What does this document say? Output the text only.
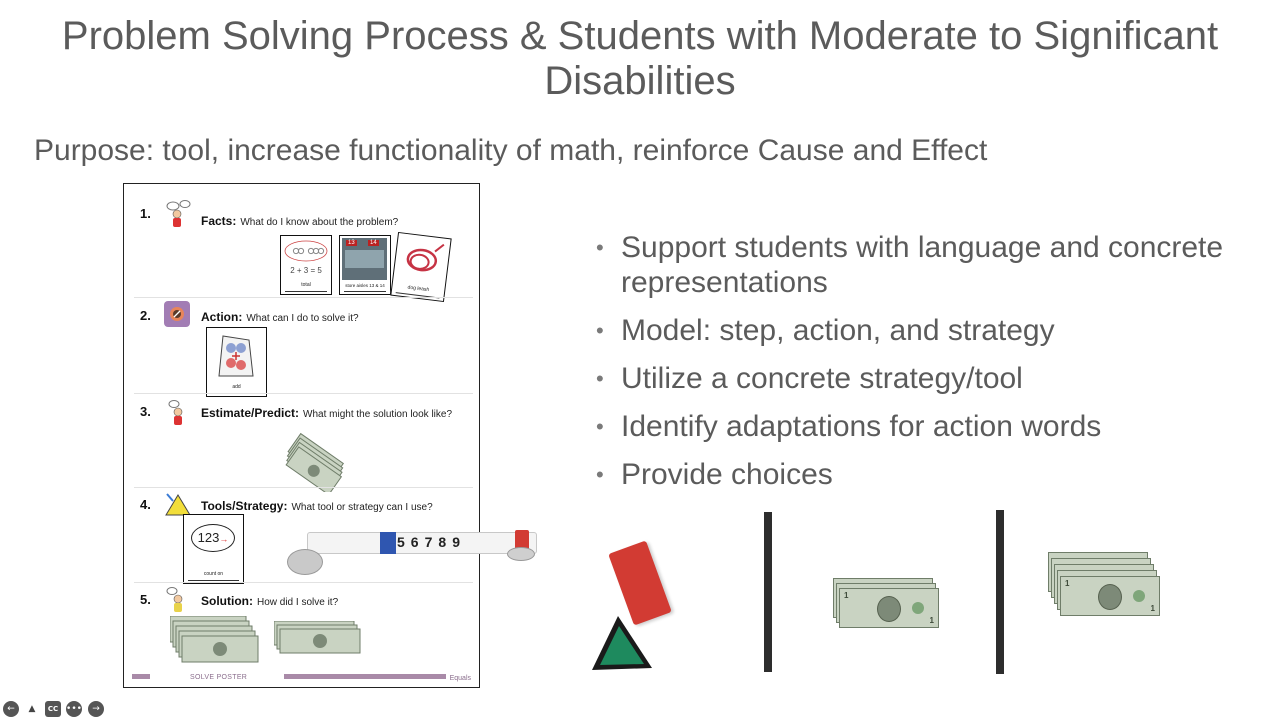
Problem Solving Process & Students with Moderate to Significant Disabilities
Purpose: tool, increase functionality of math, reinforce Cause and Effect
1.	Facts: What do I know about the problem?
2 + 3 = 5
total
13	14
store aisles 13 & 14	dog leash
2.	Action: What can I do to solve it?
add
3.	Estimate/Predict: What might the solution look like?
4.	Tools/Strategy: What tool or strategy can I use?
123→
count on
5.	Solution: How did I solve it?
SOLVE POSTER	Equals
56789
• Support students with language and concrete representations
• Model: step, action, and strategy
• Utilize a concrete strategy/tool
• Identify adaptations for action words
• Provide choices
1
1
1
1
←	▲	CC •••	→
